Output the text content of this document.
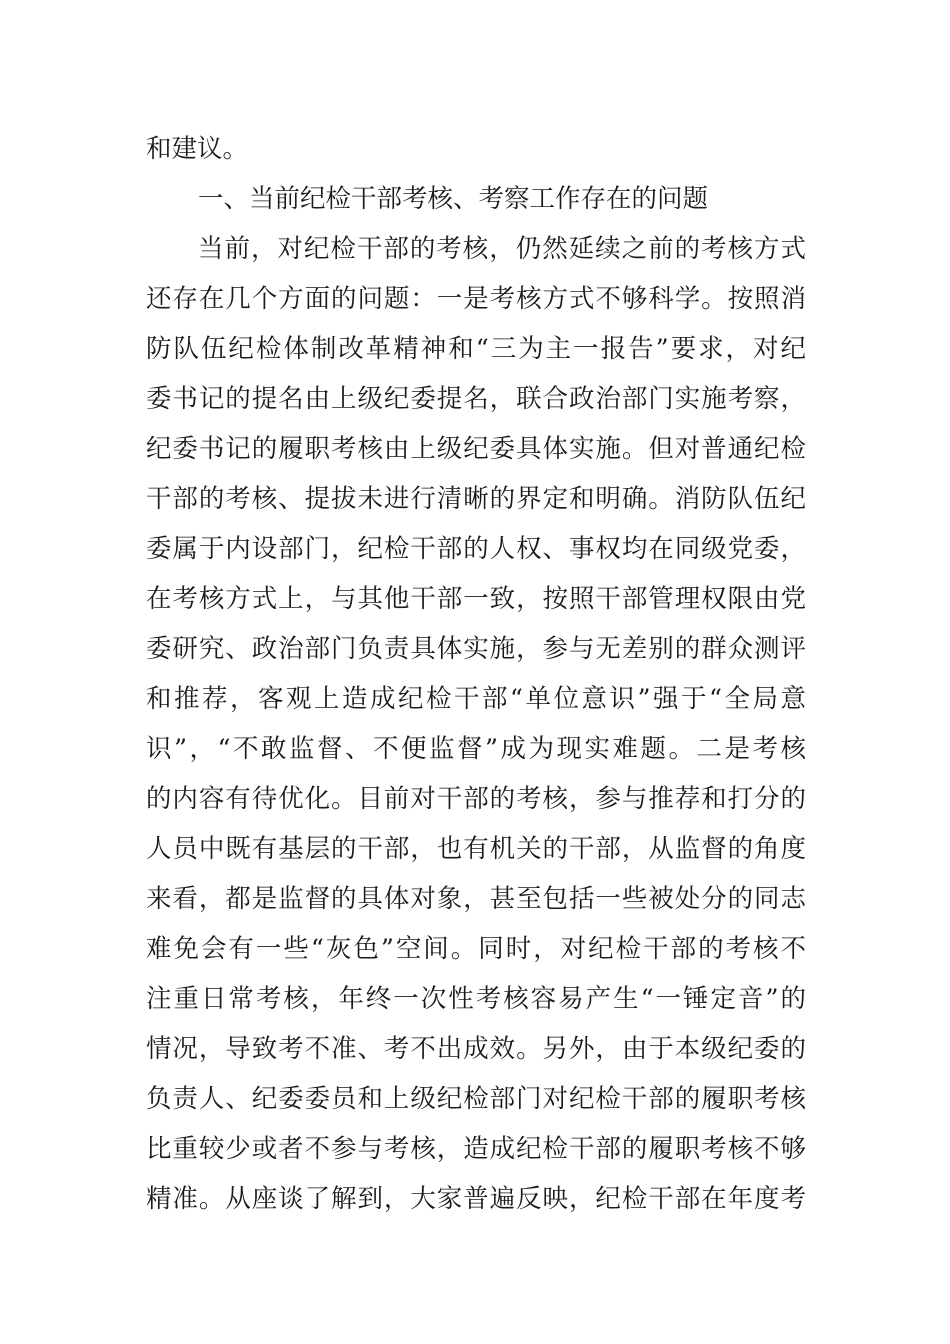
和建议。
一、当前纪检干部考核、考察工作存在的问题
当前，对纪检干部的考核，仍然延续之前的考核方式
还存在几个方面的问题：一是考核方式不够科学。按照消
防队伍纪检体制改革精神和“三为主一报告”要求，对纪
委书记的提名由上级纪委提名，联合政治部门实施考察，
纪委书记的履职考核由上级纪委具体实施。但对普通纪检
干部的考核、提拔未进行清晰的界定和明确。消防队伍纪
委属于内设部门，纪检干部的人权、事权均在同级党委，
在考核方式上，与其他干部一致，按照干部管理权限由党
委研究、政治部门负责具体实施，参与无差别的群众测评
和推荐，客观上造成纪检干部“单位意识”强于“全局意
识”，“不敢监督、不便监督”成为现实难题。二是考核
的内容有待优化。目前对干部的考核，参与推荐和打分的
人员中既有基层的干部，也有机关的干部，从监督的角度
来看，都是监督的具体对象，甚至包括一些被处分的同志
难免会有一些“灰色”空间。同时，对纪检干部的考核不
注重日常考核，年终一次性考核容易产生“一锤定音”的
情况，导致考不准、考不出成效。另外，由于本级纪委的
负责人、纪委委员和上级纪检部门对纪检干部的履职考核
比重较少或者不参与考核，造成纪检干部的履职考核不够
精准。从座谈了解到，大家普遍反映，纪检干部在年度考
